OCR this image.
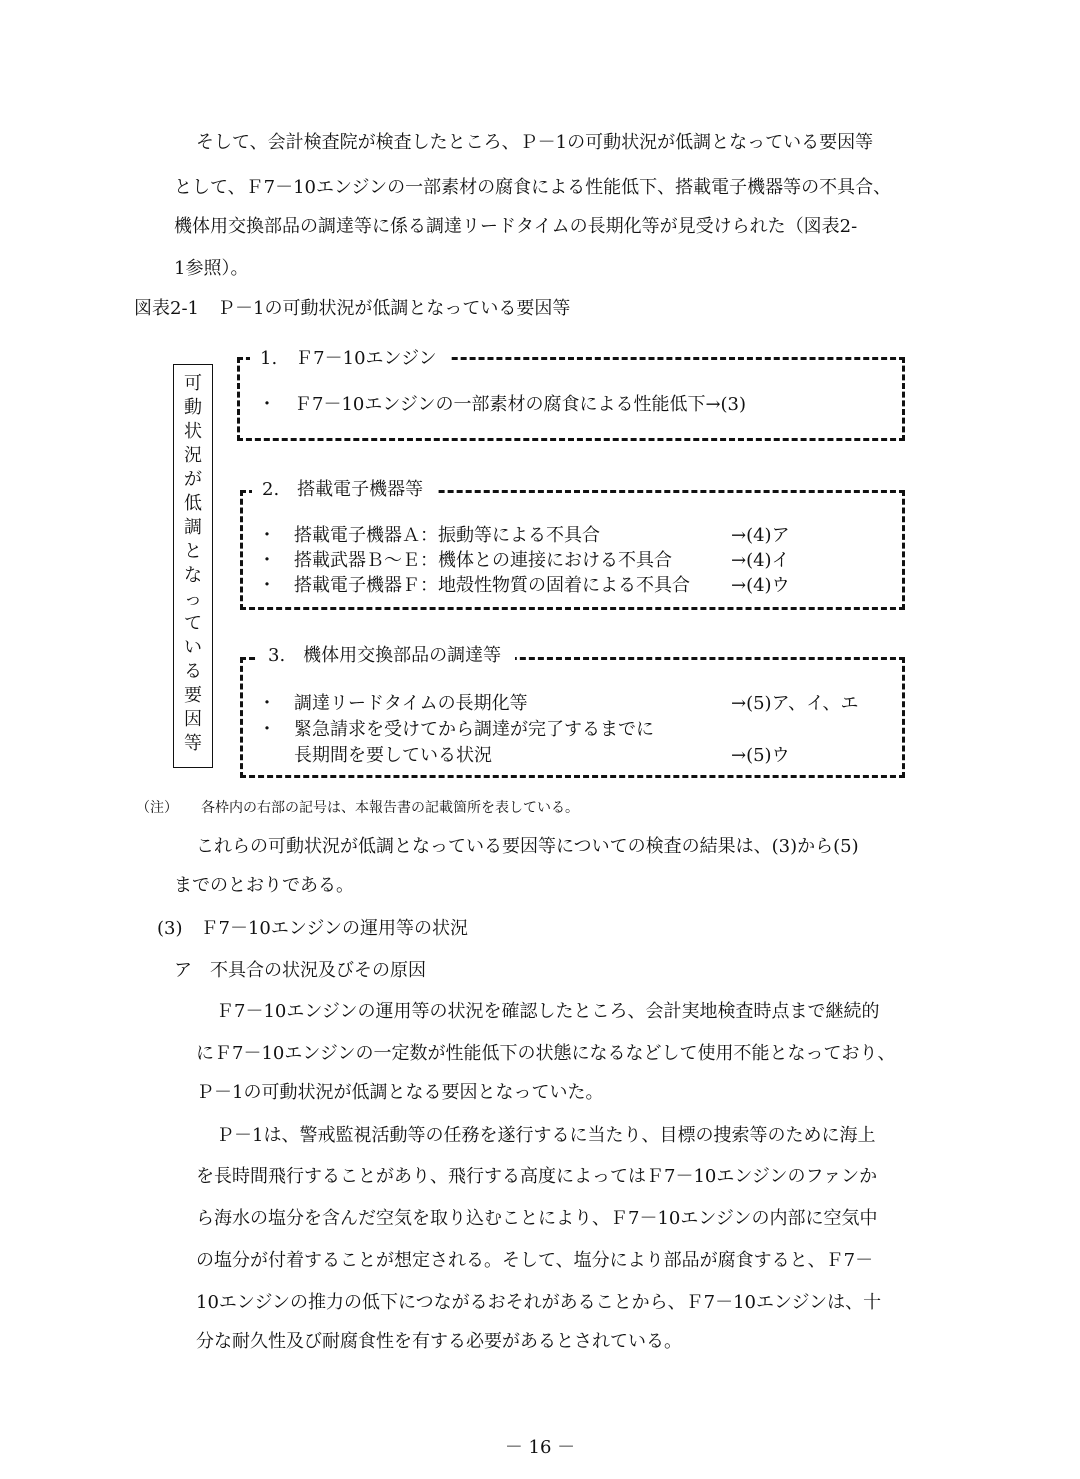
そして、会計検査院が検査したところ、Ｐ－1の可動状況が低調となっている要因等
として、Ｆ7－10エンジンの一部素材の腐食による性能低下、搭載電子機器等の不具合、
機体用交換部品の調達等に係る調達リードタイムの長期化等が見受けられた（図表2-
1参照）。
図表2-1　Ｐ－1の可動状況が低調となっている要因等
可
動
状
況
が
低
調
と
な
っ
て
い
る
要
因
等
1.　Ｆ7－10エンジン
・ Ｆ7－10エンジンの一部素材の腐食による性能低下→(3)
2.　搭載電子機器等
・ 搭載電子機器Ａ：振動等による不具合	→(4)ア
・ 搭載武器Ｂ～Ｅ：機体との連接における不具合	→(4)イ
・ 搭載電子機器Ｆ：地殻性物質の固着による不具合 →(4)ウ
3.　機体用交換部品の調達等
・ 調達リードタイムの長期化等	→(5)ア、イ、エ
・ 緊急請求を受けてから調達が完了するまでに
長期間を要している状況	→(5)ウ
（注） 各枠内の右部の記号は、本報告書の記載箇所を表している。
これらの可動状況が低調となっている要因等についての検査の結果は、(3)から(5)
までのとおりである。
(3)　Ｆ7－10エンジンの運用等の状況
ア　不具合の状況及びその原因
Ｆ7－10エンジンの運用等の状況を確認したところ、会計実地検査時点まで継続的
にＦ7－10エンジンの一定数が性能低下の状態になるなどして使用不能となっており、
Ｐ－1の可動状況が低調となる要因となっていた。
Ｐ－1は、警戒監視活動等の任務を遂行するに当たり、目標の捜索等のために海上
を長時間飛行することがあり、飛行する高度によってはＦ7－10エンジンのファンか
ら海水の塩分を含んだ空気を取り込むことにより、Ｆ7－10エンジンの内部に空気中
の塩分が付着することが想定される。そして、塩分により部品が腐食すると、Ｆ7－
10エンジンの推力の低下につながるおそれがあることから、Ｆ7－10エンジンは、十
分な耐久性及び耐腐食性を有する必要があるとされている。
－ 16 －
